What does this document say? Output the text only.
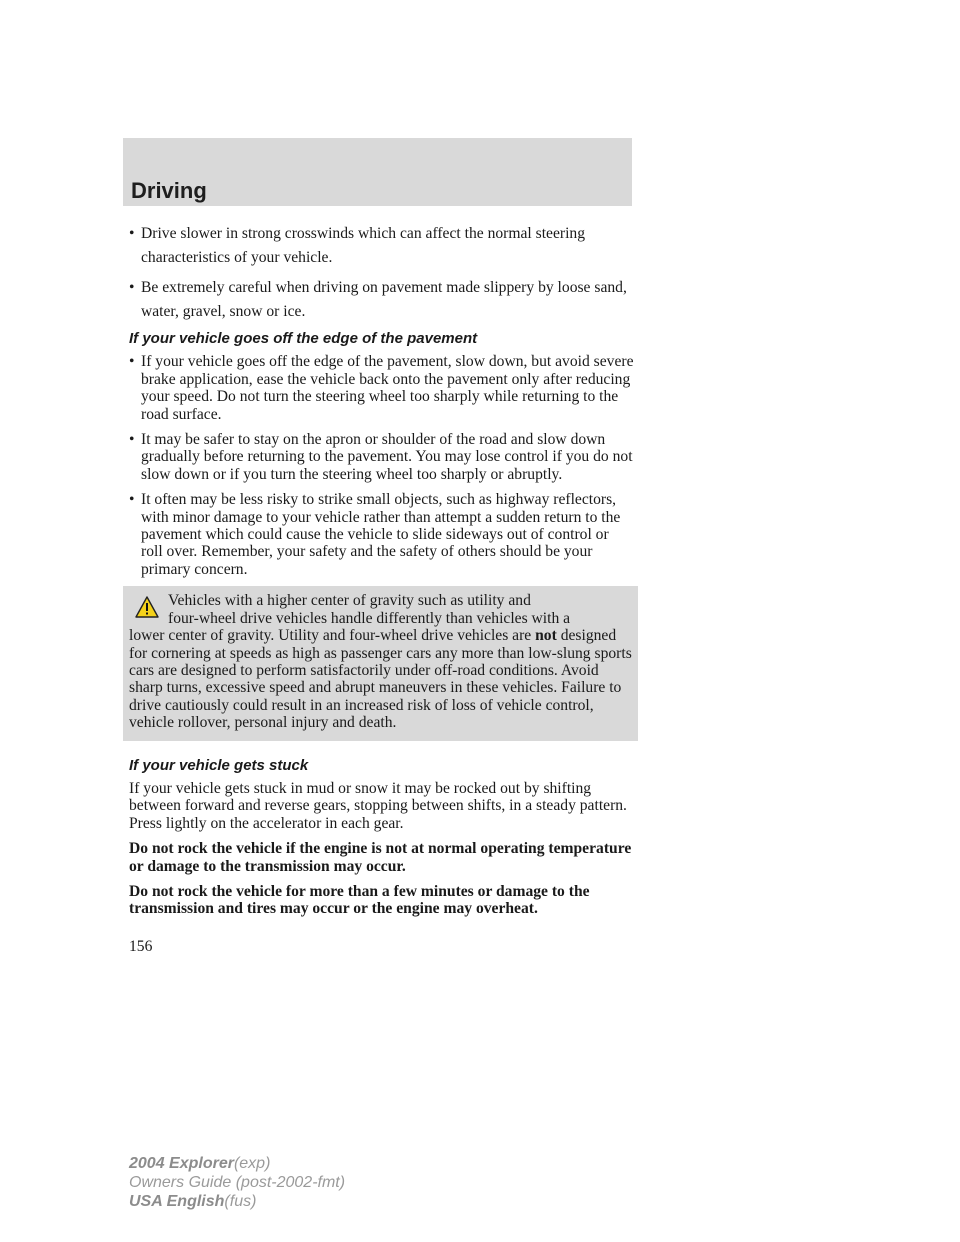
Driving
• Drive slower in strong crosswinds which can affect the normal steering characteristics of your vehicle.
• Be extremely careful when driving on pavement made slippery by loose sand, water, gravel, snow or ice.
If your vehicle goes off the edge of the pavement
• If your vehicle goes off the edge of the pavement, slow down, but avoid severe brake application, ease the vehicle back onto the pavement only after reducing your speed. Do not turn the steering wheel too sharply while returning to the road surface.
• It may be safer to stay on the apron or shoulder of the road and slow down gradually before returning to the pavement. You may lose control if you do not slow down or if you turn the steering wheel too sharply or abruptly.
• It often may be less risky to strike small objects, such as highway reflectors, with minor damage to your vehicle rather than attempt a sudden return to the pavement which could cause the vehicle to slide sideways out of control or roll over. Remember, your safety and the safety of others should be your primary concern.
Vehicles with a higher center of gravity such as utility and
four-wheel drive vehicles handle differently than vehicles with a
lower center of gravity. Utility and four-wheel drive vehicles are not designed for cornering at speeds as high as passenger cars any more than low-slung sports cars are designed to perform satisfactorily under off-road conditions. Avoid sharp turns, excessive speed and abrupt maneuvers in these vehicles. Failure to drive cautiously could result in an increased risk of loss of vehicle control, vehicle rollover, personal injury and death.
If your vehicle gets stuck

If your vehicle gets stuck in mud or snow it may be rocked out by shifting between forward and reverse gears, stopping between shifts, in a steady pattern. Press lightly on the accelerator in each gear.

Do not rock the vehicle if the engine is not at normal operating temperature or damage to the transmission may occur.

Do not rock the vehicle for more than a few minutes or damage to the transmission and tires may occur or the engine may overheat.

156
2004 Explorer(exp)
Owners Guide (post-2002-fmt)
USA English(fus)
